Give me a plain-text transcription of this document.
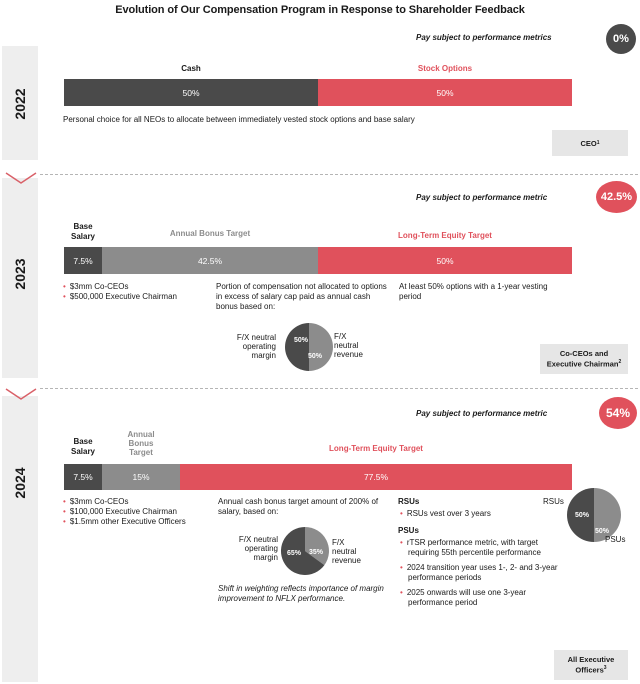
Evolution of Our Compensation Program in Response to Shareholder Feedback
2022
2023
2024
Pay subject to performance metrics	0%
Cash	Stock Options
50%	50%
Personal choice for all NEOs to allocate between immediately vested stock options and base salary
CEO 1
Pay subject to performance metric	42.5%
Base
Salary	Annual Bonus Target	Long-Term Equity Target
7.5%	42.5%	50%
• $3mm Co-CEOs
• $500,000 Executive Chairman
Portion of compensation not allocated to options in excess of salary cap paid as annual cash bonus based on:
F/X neutral
operating
margin
50%
50%
F/X
neutral
revenue
At least 50% options with a 1-year vesting period
Co-CEOs and
Executive Chairman$^2$
Pay subject to performance metric	54%
Base
Salary
Annual
Bonus
Target	Long-Term Equity Target
7.5%	15%	77.5%
• $3mm Co-CEOs
• $100,000 Executive Chairman
• $1.5mm other Executive Officers
Annual cash bonus target amount of 200% of salary, based on:
F/X neutral
operating
margin 65% 35%
F/X
neutral
revenue
Shift in weighting reflects importance of margin improvement to NFLX performance.
RSUs
• RSUs vest over 3 years
PSUs
• rTSR performance metric, with target requiring 55th percentile performance
• 2024 transition year uses 1-, 2- and 3-year performance periods
• 2025 onwards will use one 3-year performance period
RSUs
50%
50%
PSUs
All Executive
Officers$^3$
